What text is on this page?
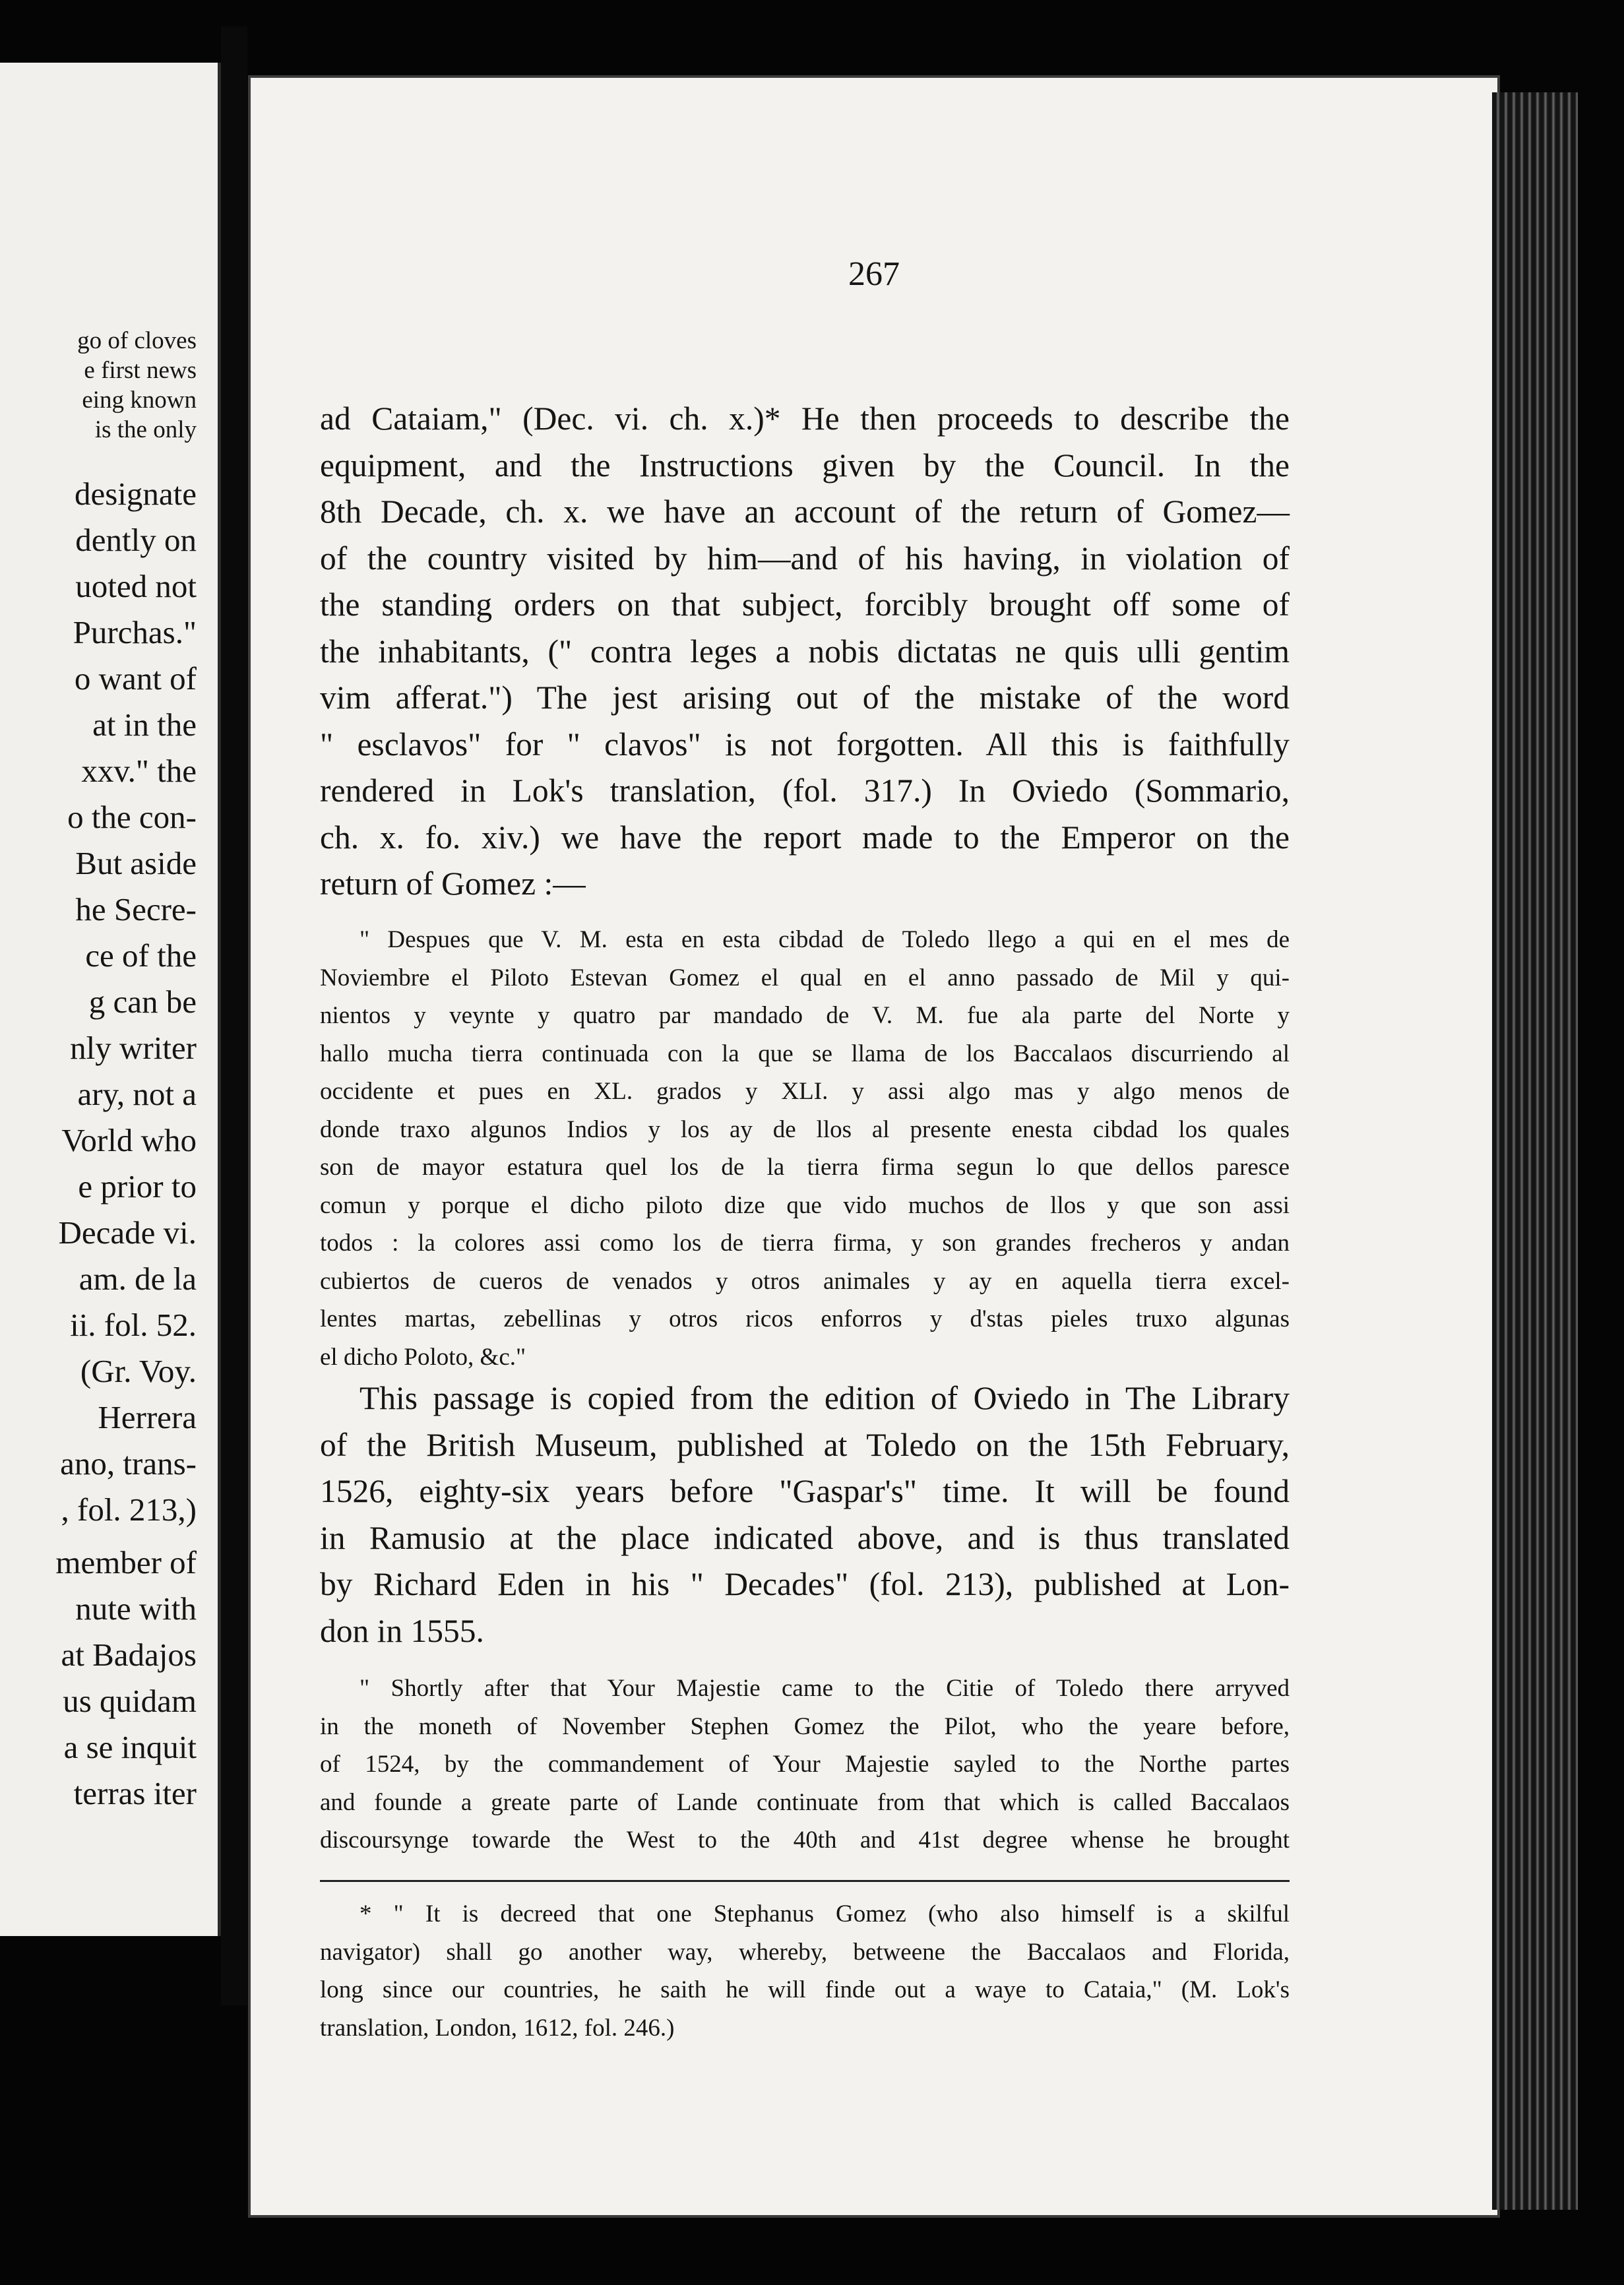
go of cloves
e first news
eing known
is the only
designate
dently on
uoted not
Purchas."
o want of
at in the
xxv." the
o the con-
But aside
he Secre-
ce of the
g can be
nly writer
ary, not a
Vorld who
e prior to
Decade vi.
am. de la
ii. fol. 52.
(Gr. Voy.
Herrera
ano, trans-
, fol. 213,)
member of
nute with
at Badajos
us quidam
a se inquit
terras iter
267
ad Cataiam," (Dec. vi. ch. x.)* He then proceeds to describe the
equipment, and the Instructions given by the Council. In the
8th Decade, ch. x. we have an account of the return of Gomez—
of the country visited by him—and of his having, in violation of
the standing orders on that subject, forcibly brought off some of
the inhabitants, (" contra leges a nobis dictatas ne quis ulli gentim
vim afferat.") The jest arising out of the mistake of the word
" esclavos" for " clavos" is not forgotten. All this is faithfully
rendered in Lok's translation, (fol. 317.) In Oviedo (Sommario,
ch. x. fo. xiv.) we have the report made to the Emperor on the
return of Gomez :—
" Despues que V. M. esta en esta cibdad de Toledo llego a qui en el mes de
Noviembre el Piloto Estevan Gomez el qual en el anno passado de Mil y qui-
nientos y veynte y quatro par mandado de V. M. fue ala parte del Norte y
hallo mucha tierra continuada con la que se llama de los Baccalaos discurriendo al
occidente et pues en XL. grados y XLI. y assi algo mas y algo menos de
donde traxo algunos Indios y los ay de llos al presente enesta cibdad los quales
son de mayor estatura quel los de la tierra firma segun lo que dellos paresce
comun y porque el dicho piloto dize que vido muchos de llos y que son assi
todos : la colores assi como los de tierra firma, y son grandes frecheros y andan
cubiertos de cueros de venados y otros animales y ay en aquella tierra excel-
lentes martas, zebellinas y otros ricos enforros y d'stas pieles truxo algunas
el dicho Poloto, &c."
This passage is copied from the edition of Oviedo in The Library
of the British Museum, published at Toledo on the 15th February,
1526, eighty-six years before "Gaspar's" time. It will be found
in Ramusio at the place indicated above, and is thus translated
by Richard Eden in his " Decades" (fol. 213), published at Lon-
don in 1555.
" Shortly after that Your Majestie came to the Citie of Toledo there arryved
in the moneth of November Stephen Gomez the Pilot, who the yeare before,
of 1524, by the commandement of Your Majestie sayled to the Northe partes
and founde a greate parte of Lande continuate from that which is called Baccalaos
discoursynge towarde the West to the 40th and 41st degree whense he brought
* " It is decreed that one Stephanus Gomez (who also himself is a skilful
navigator) shall go another way, whereby, betweene the Baccalaos and Florida,
long since our countries, he saith he will finde out a waye to Cataia," (M. Lok's
translation, London, 1612, fol. 246.)
